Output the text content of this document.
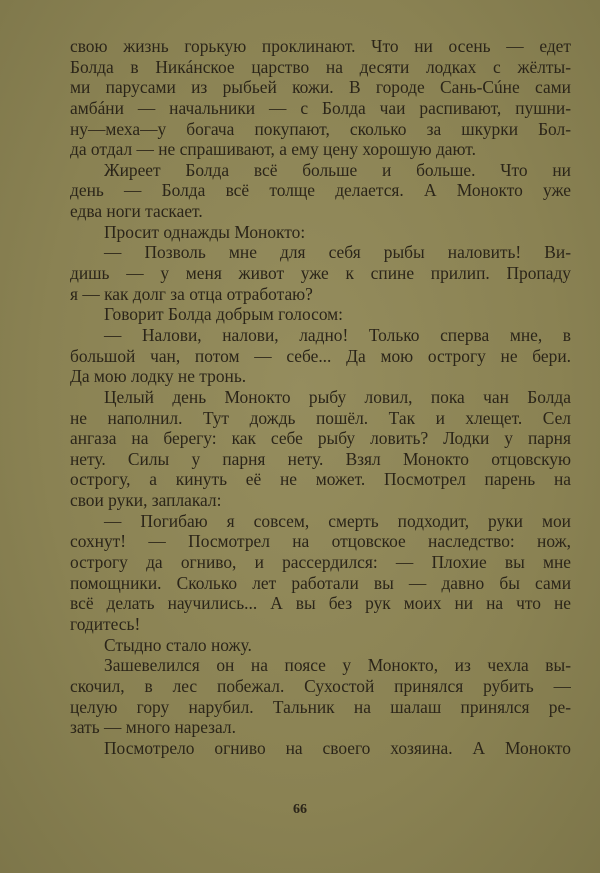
свою жизнь горькую проклинают. Что ни осень — едет
Болда в Никáнское царство на десяти лодках с жёлты-
ми парусами из рыбьей кожи. В городе Сань-Сúне сами
амбáни — начальники — с Болда чаи распивают, пушни-
ну—меха—у богача покупают, сколько за шкурки Бол-
да отдал — не спрашивают, а ему цену хорошую дают.
Жиреет Болда всё больше и больше. Что ни
день — Болда всё толще делается. А Монокто уже
едва ноги таскает.
Просит однажды Монокто:
— Позволь мне для себя рыбы наловить! Ви-
дишь — у меня живот уже к спине прилип. Пропаду
я — как долг за отца отработаю?
Говорит Болда добрым голосом:
— Налови, налови, ладно! Только сперва мне, в
большой чан, потом — себе... Да мою острогу не бери.
Да мою лодку не тронь.
Целый день Монокто рыбу ловил, пока чан Болда
не наполнил. Тут дождь пошёл. Так и хлещет. Сел
ангаза на берегу: как себе рыбу ловить? Лодки у парня
нету. Силы у парня нету. Взял Монокто отцовскую
острогу, а кинуть её не может. Посмотрел парень на
свои руки, заплакал:
— Погибаю я совсем, смерть подходит, руки мои
сохнут! — Посмотрел на отцовское наследство: нож,
острогу да огниво, и рассердился: — Плохие вы мне
помощники. Сколько лет работали вы — давно бы сами
всё делать научились... А вы без рук моих ни на что не
годитесь!
Стыдно стало ножу.
Зашевелился он на поясе у Монокто, из чехла вы-
скочил, в лес побежал. Сухостой принялся рубить —
целую гору нарубил. Тальник на шалаш принялся ре-
зать — много нарезал.
Посмотрело огниво на своего хозяина. А Монокто
66
